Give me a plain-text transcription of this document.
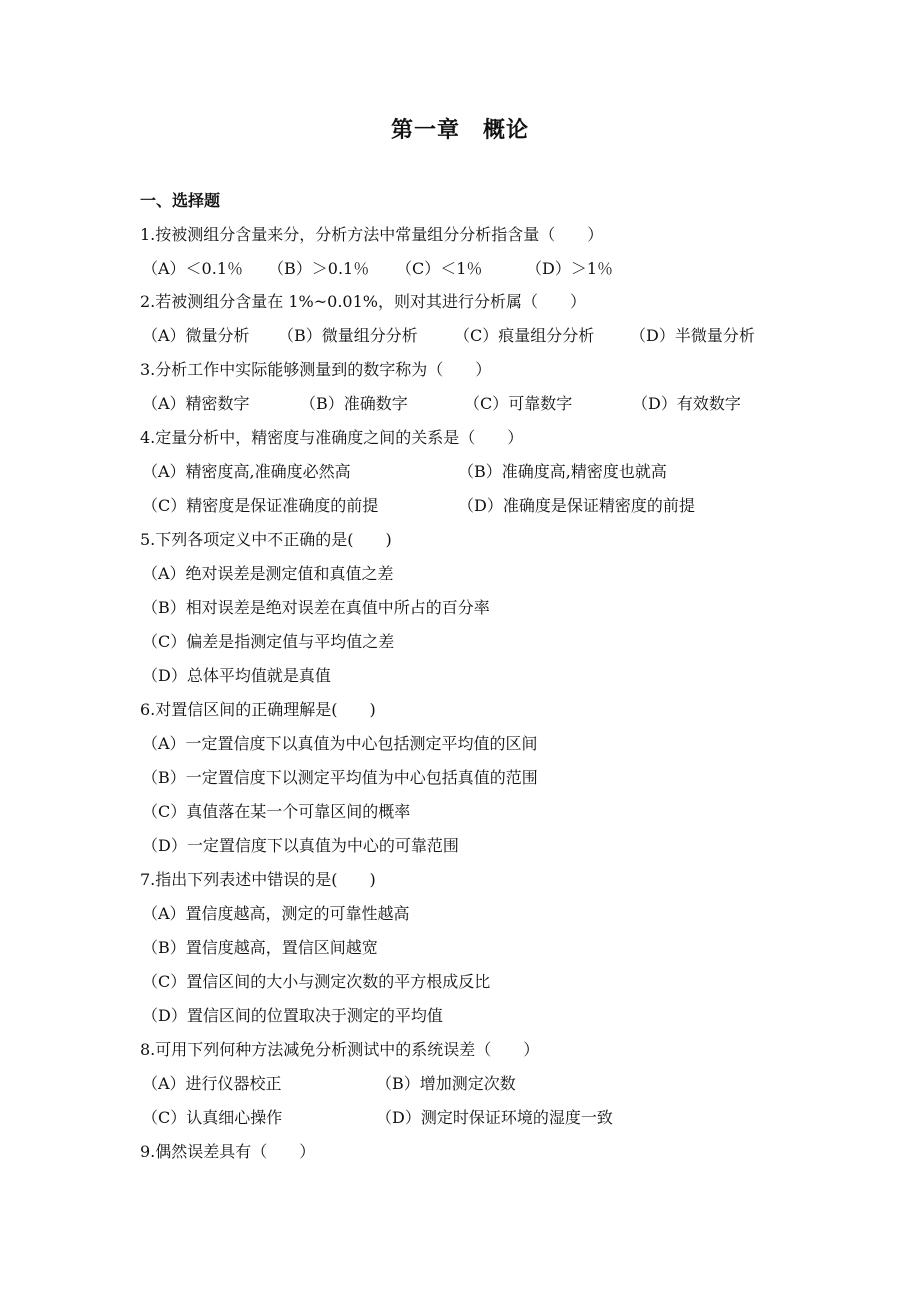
第一章　概论
一、选择题
1.按被测组分含量来分，分析方法中常量组分分析指含量（　　）
（A）＜0.1％ （B）＞0.1％ （C）＜1％	（D）＞1％
2.若被测组分含量在 1%~0.01%，则对其进行分析属（　　）
（A）微量分析 （B）微量组分分析 （C）痕量组分分析 （D）半微量分析
3.分析工作中实际能够测量到的数字称为（　　）
（A）精密数字	（B）准确数字	（C）可靠数字	（D）有效数字
4.定量分析中，精密度与准确度之间的关系是（　　）
（A）精密度高,准确度必然高	（B）准确度高,精密度也就高
（C）精密度是保证准确度的前提	（D）准确度是保证精密度的前提
5.下列各项定义中不正确的是(　　)
（A）绝对误差是测定值和真值之差
（B）相对误差是绝对误差在真值中所占的百分率
（C）偏差是指测定值与平均值之差
（D）总体平均值就是真值
6.对置信区间的正确理解是(　　)
（A）一定置信度下以真值为中心包括测定平均值的区间
（B）一定置信度下以测定平均值为中心包括真值的范围
（C）真值落在某一个可靠区间的概率
（D）一定置信度下以真值为中心的可靠范围
7.指出下列表述中错误的是(　　)
（A）置信度越高，测定的可靠性越高
（B）置信度越高，置信区间越宽
（C）置信区间的大小与测定次数的平方根成反比
（D）置信区间的位置取决于测定的平均值
8.可用下列何种方法减免分析测试中的系统误差（　　）
（A）进行仪器校正	（B）增加测定次数
（C）认真细心操作	（D）测定时保证环境的湿度一致
9.偶然误差具有（　　）
